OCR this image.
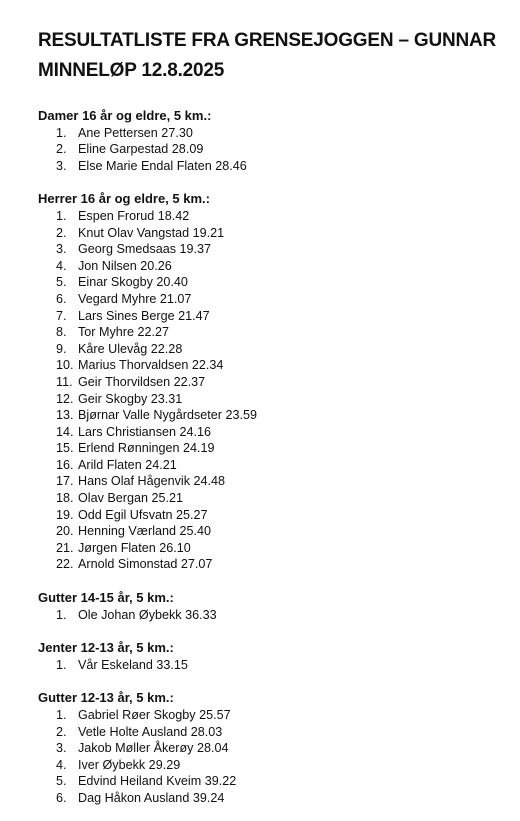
RESULTATLISTE FRA GRENSEJOGGEN – GUNNAR MINNELØP 12.8.2025
Damer 16 år og eldre, 5 km.:
1. Ane Pettersen 27.30
2. Eline Garpestad 28.09
3. Else Marie Endal Flaten 28.46
Herrer 16 år og eldre, 5 km.:
1. Espen Frorud 18.42
2. Knut Olav Vangstad 19.21
3. Georg Smedsaas 19.37
4. Jon Nilsen 20.26
5. Einar Skogby 20.40
6. Vegard Myhre 21.07
7. Lars Sines Berge 21.47
8. Tor Myhre 22.27
9. Kåre Ulevåg 22.28
10. Marius Thorvaldsen 22.34
11. Geir Thorvildsen 22.37
12. Geir Skogby 23.31
13. Bjørnar Valle Nygårdseter 23.59
14. Lars Christiansen 24.16
15. Erlend Rønningen 24.19
16. Arild Flaten 24.21
17. Hans Olaf Hågenvik 24.48
18. Olav Bergan 25.21
19. Odd Egil Ufsvatn 25.27
20. Henning Værland 25.40
21. Jørgen Flaten 26.10
22. Arnold Simonstad 27.07
Gutter 14-15 år, 5 km.:
1. Ole Johan Øybekk 36.33
Jenter 12-13 år, 5 km.:
1. Vår Eskeland 33.15
Gutter 12-13 år, 5 km.:
1. Gabriel Røer Skogby 25.57
2. Vetle Holte Ausland 28.03
3. Jakob Møller Åkerøy 28.04
4. Iver Øybekk 29.29
5. Edvind Heiland Kveim 39.22
6. Dag Håkon Ausland 39.24
